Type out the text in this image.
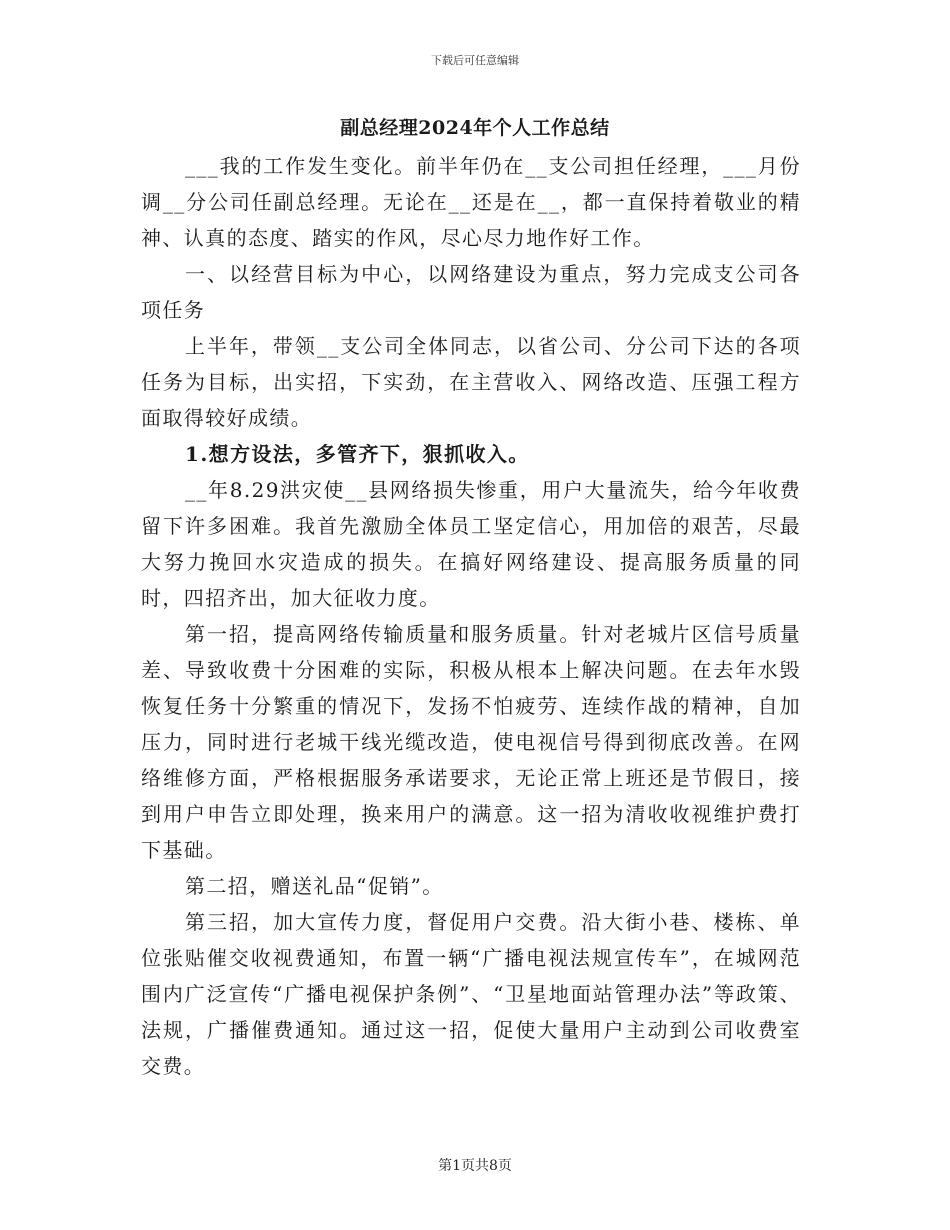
下载后可任意编辑
副总经理2024年个人工作总结

___我的工作发生变化。前半年仍在__支公司担任经理，___月份调__分公司任副总经理。无论在__还是在__，都一直保持着敬业的精神、认真的态度、踏实的作风，尽心尽力地作好工作。

一、以经营目标为中心，以网络建设为重点，努力完成支公司各项任务

上半年，带领__支公司全体同志，以省公司、分公司下达的各项任务为目标，出实招，下实劲，在主营收入、网络改造、压强工程方面取得较好成绩。

1.想方设法，多管齐下，狠抓收入。

__年8.29洪灾使__县网络损失惨重，用户大量流失，给今年收费留下许多困难。我首先激励全体员工坚定信心，用加倍的艰苦，尽最大努力挽回水灾造成的损失。在搞好网络建设、提高服务质量的同时，四招齐出，加大征收力度。

第一招，提高网络传输质量和服务质量。针对老城片区信号质量差、导致收费十分困难的实际，积极从根本上解决问题。在去年水毁恢复任务十分繁重的情况下，发扬不怕疲劳、连续作战的精神，自加压力，同时进行老城干线光缆改造，使电视信号得到彻底改善。在网络维修方面，严格根据服务承诺要求，无论正常上班还是节假日，接到用户申告立即处理，换来用户的满意。这一招为清收收视维护费打下基础。

第二招，赠送礼品“促销”。

第三招，加大宣传力度，督促用户交费。沿大街小巷、楼栋、单位张贴催交收视费通知，布置一辆“广播电视法规宣传车”，在城网范围内广泛宣传“广播电视保护条例”、“卫星地面站管理办法”等政策、法规，广播催费通知。通过这一招，促使大量用户主动到公司收费室交费。

第1页共8页
